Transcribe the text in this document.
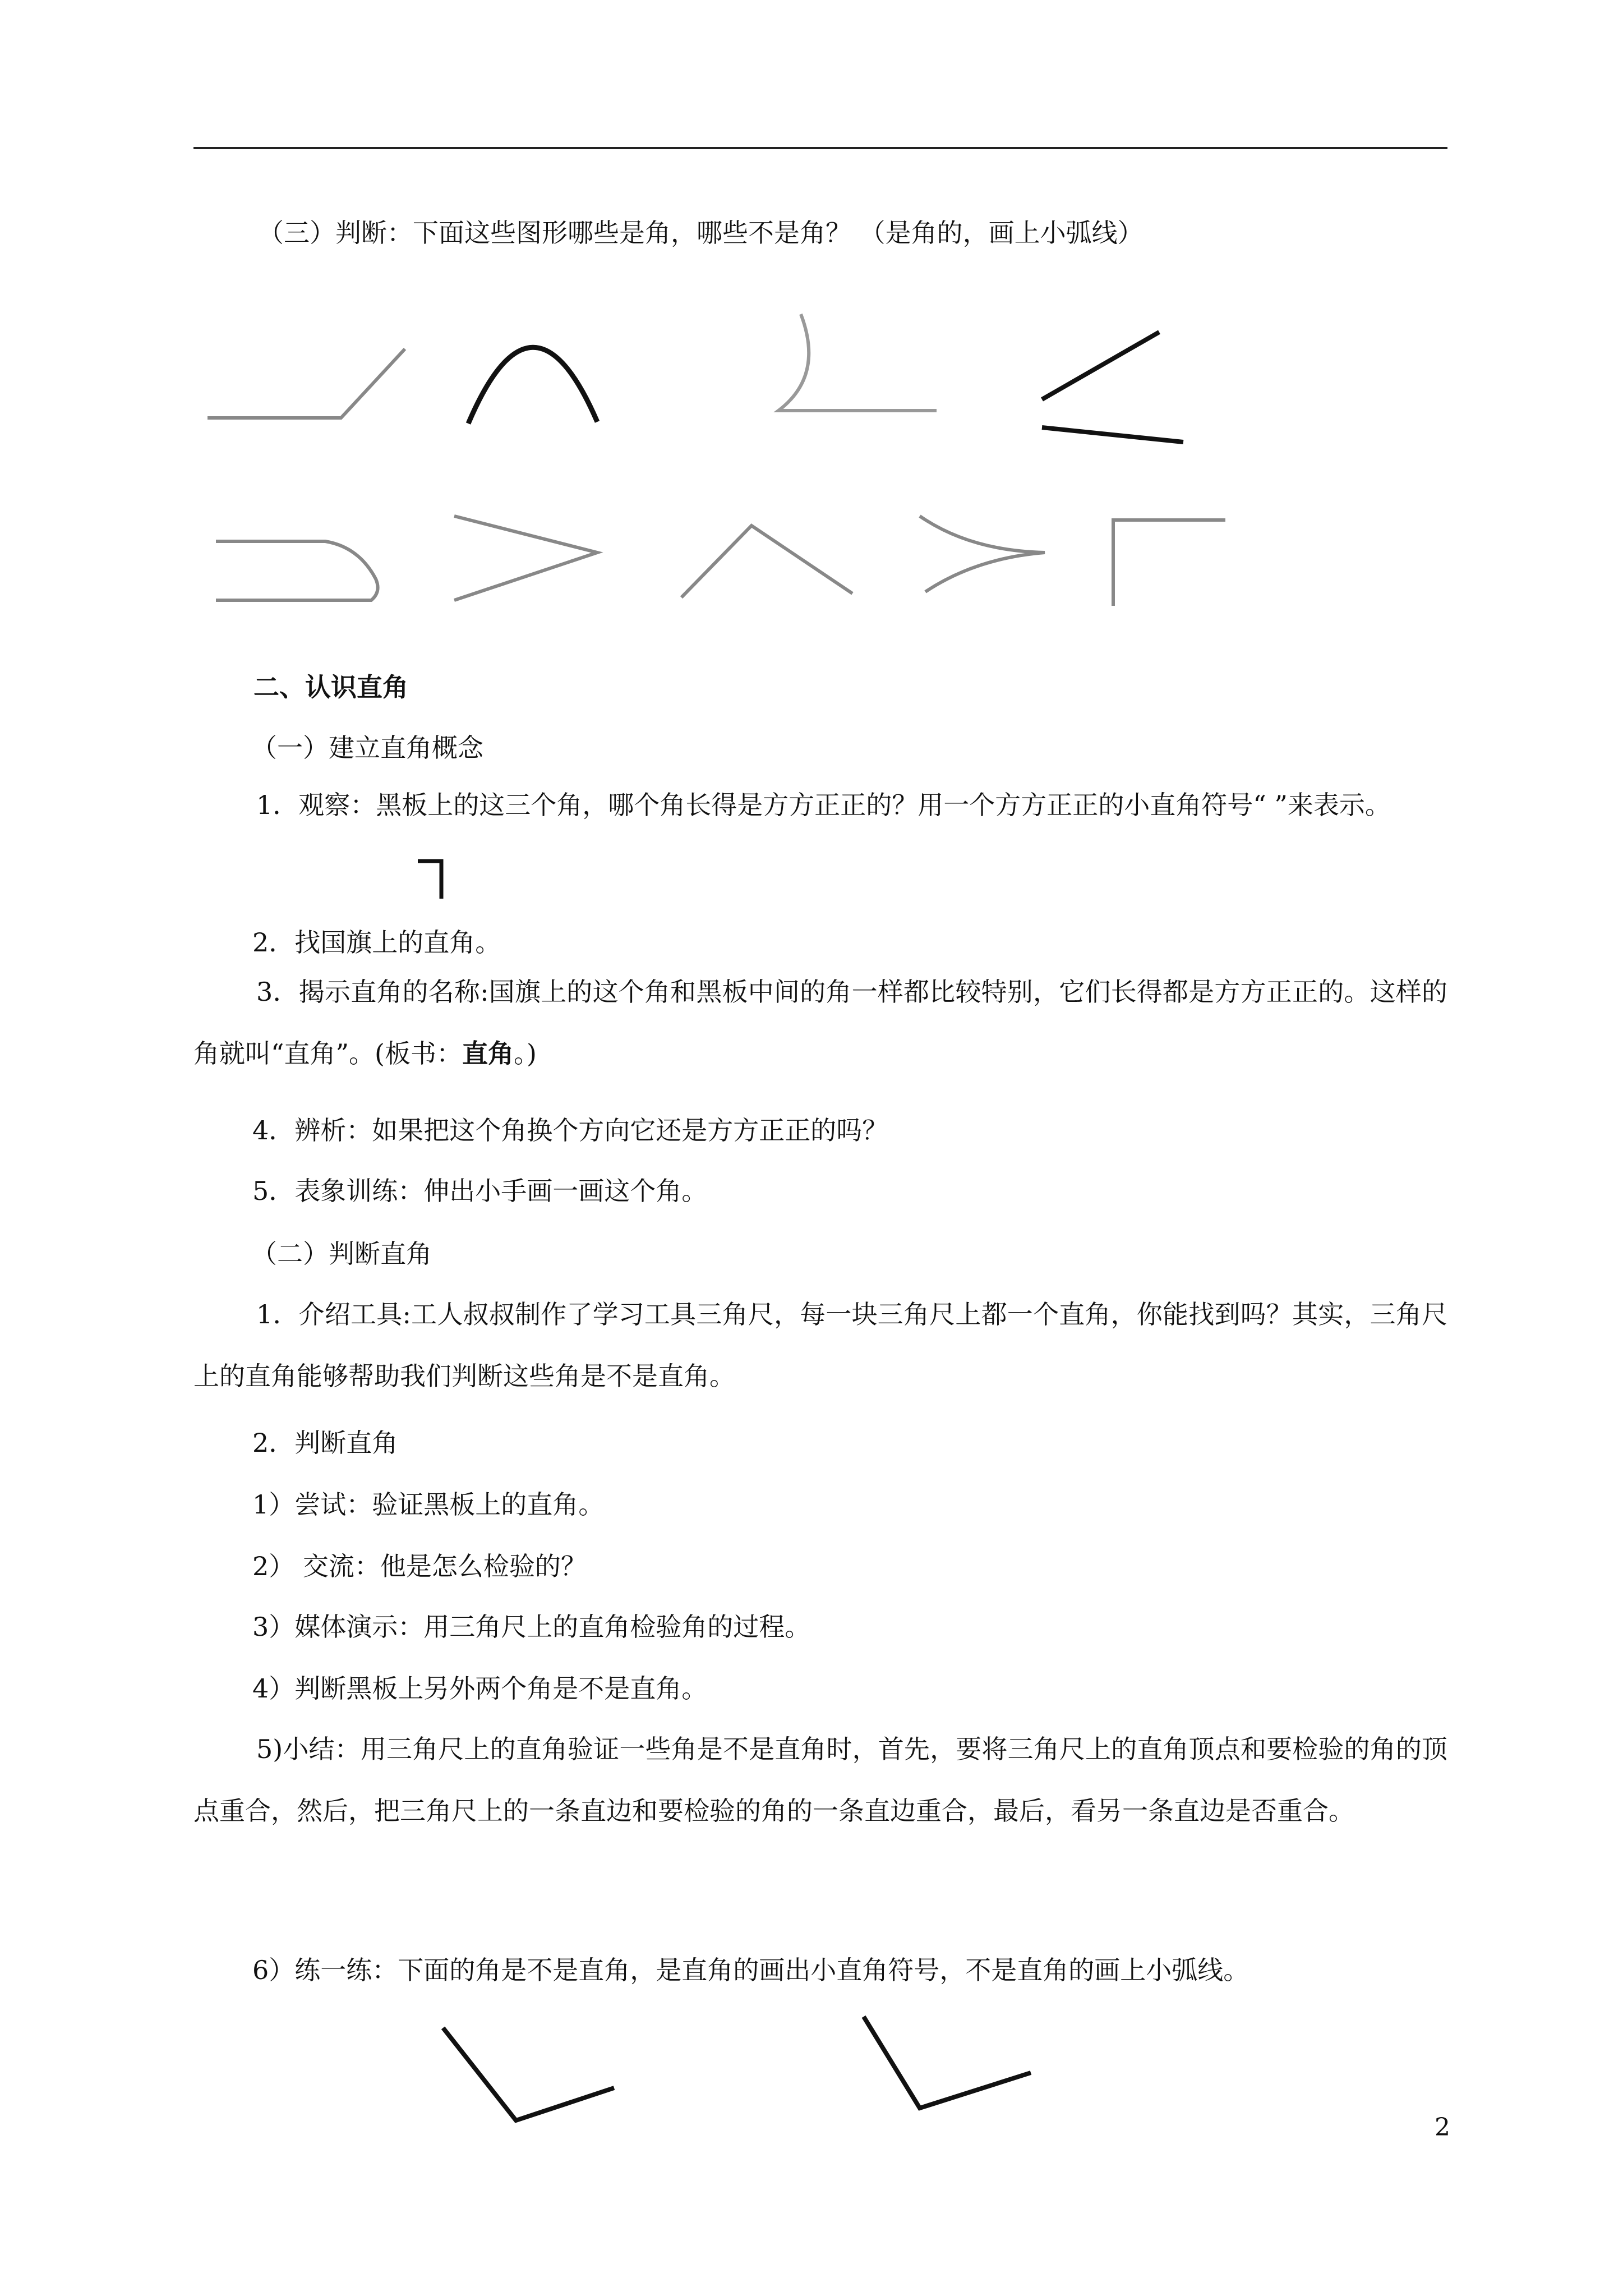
（三）判断：下面这些图形哪些是角，哪些不是角？ （是角的，画上小弧线）
二、认识直角
（一）建立直角概念
1．观察：黑板上的这三个角，哪个角长得是方方正正的？用一个方方正正的小直角符号“ ”来表示。
2．找国旗上的直角。
3．揭示直角的名称:国旗上的这个角和黑板中间的角一样都比较特别，它们长得都是方方正正的。这样的角就叫“直角”。(板书：直角。)
4．辨析：如果把这个角换个方向它还是方方正正的吗？
5．表象训练：伸出小手画一画这个角。
（二）判断直角
1．介绍工具:工人叔叔制作了学习工具三角尺，每一块三角尺上都一个直角，你能找到吗？其实，三角尺上的直角能够帮助我们判断这些角是不是直角。
2．判断直角
1）尝试：验证黑板上的直角。
2） 交流：他是怎么检验的？
3）媒体演示：用三角尺上的直角检验角的过程。
4）判断黑板上另外两个角是不是直角。
5)小结：用三角尺上的直角验证一些角是不是直角时，首先，要将三角尺上的直角顶点和要检验的角的顶点重合，然后，把三角尺上的一条直边和要检验的角的一条直边重合，最后，看另一条直边是否重合。
6）练一练：下面的角是不是直角，是直角的画出小直角符号，不是直角的画上小弧线。
2
